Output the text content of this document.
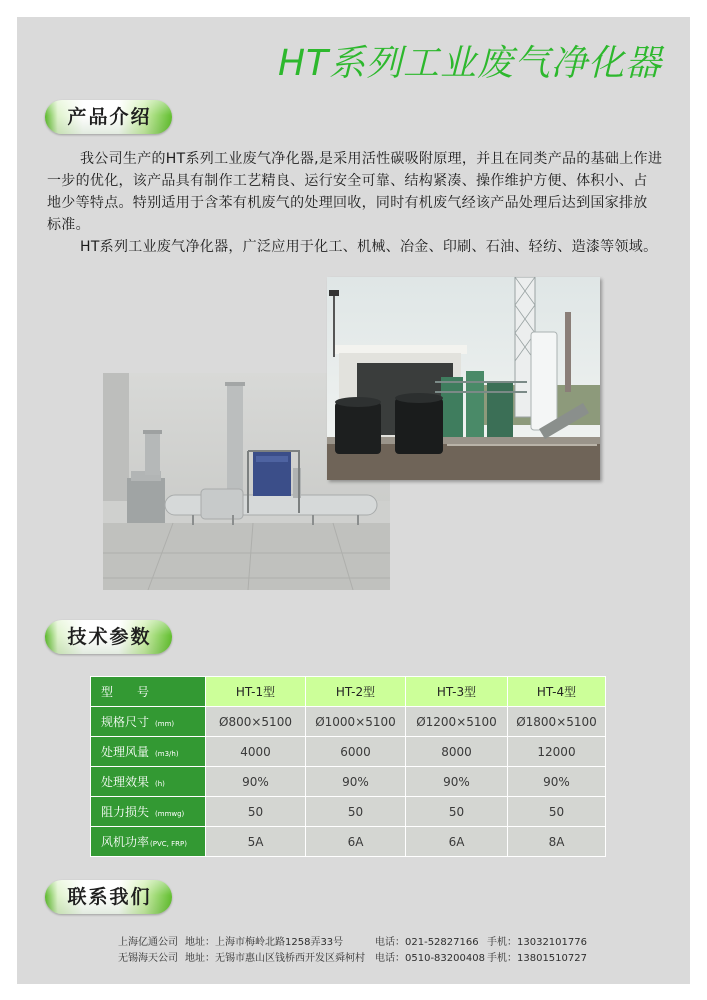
HT系列工业废气净化器
产品介绍
我公司生产的HT系列工业废气净化器,是采用活性碳吸附原理，并且在同类产品的基础上作进
一步的优化，该产品具有制作工艺精良、运行安全可靠、结构紧凑、操作维护方便、体积小、占
地少等特点。特别适用于含苯有机废气的处理回收，同时有机废气经该产品处理后达到国家排放
标准。
HT系列工业废气净化器，广泛应用于化工、机械、冶金、印刷、石油、轻纺、造漆等领域。
技术参数
型　　号	HT-1型	HT-2型	HT-3型	HT-4型
规格尺寸 (mm)	Ø800×5100	Ø1000×5100	Ø1200×5100	Ø1800×5100
处理风量 (m3/h)	4000	6000	8000	12000
处理效果 (h)	90%	90%	90%	90%
阻力损失 (mmwg)	50	50	50	50
风机功率(PVC, FRP)	5A	6A	6A	8A
联系我们
上海亿通公司 地址：上海市梅岭北路1258弄33号	电话：021-52827166 手机：13032101776
无锡海天公司 地址：无锡市惠山区钱桥西开发区舜柯村 电话：0510-83200408 手机：13801510727
